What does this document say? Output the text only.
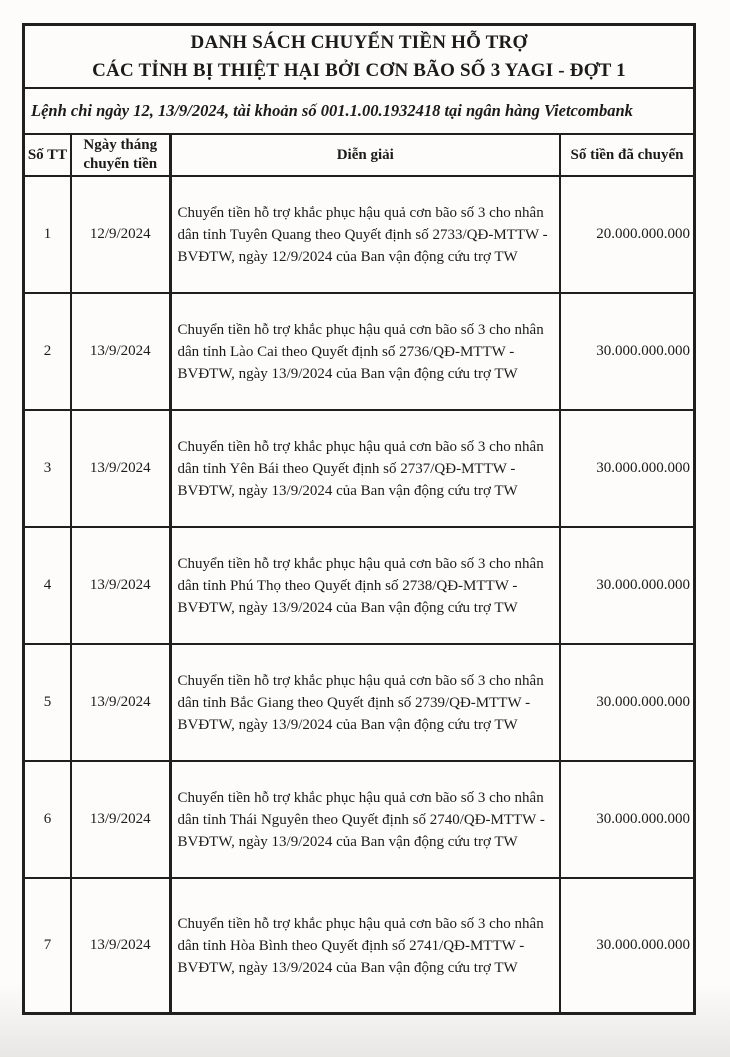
DANH SÁCH CHUYỂN TIỀN HỖ TRỢ
CÁC TỈNH BỊ THIỆT HẠI BỞI CƠN BÃO SỐ 3 YAGI - ĐỢT 1
Lệnh chi ngày 12, 13/9/2024, tài khoản số 001.1.00.1932418 tại ngân hàng Vietcombank
Số TT	Ngày tháng chuyển tiền	Diễn giải	Số tiền đã chuyển
1	12/9/2024	Chuyển tiền hỗ trợ khắc phục hậu quả cơn bão số 3 cho nhân dân tỉnh Tuyên Quang theo Quyết định số 2733/QĐ-MTTW - BVĐTW, ngày 12/9/2024 của Ban vận động cứu trợ TW	20.000.000.000
2	13/9/2024	Chuyển tiền hỗ trợ khắc phục hậu quả cơn bão số 3 cho nhân dân tỉnh Lào Cai theo Quyết định số 2736/QĐ-MTTW - BVĐTW, ngày 13/9/2024 của Ban vận động cứu trợ TW	30.000.000.000
3	13/9/2024	Chuyển tiền hỗ trợ khắc phục hậu quả cơn bão số 3 cho nhân dân tỉnh Yên Bái theo Quyết định số 2737/QĐ-MTTW - BVĐTW, ngày 13/9/2024 của Ban vận động cứu trợ TW	30.000.000.000
4	13/9/2024	Chuyển tiền hỗ trợ khắc phục hậu quả cơn bão số 3 cho nhân dân tỉnh Phú Thọ theo Quyết định số 2738/QĐ-MTTW - BVĐTW, ngày 13/9/2024 của Ban vận động cứu trợ TW	30.000.000.000
5	13/9/2024	Chuyển tiền hỗ trợ khắc phục hậu quả cơn bão số 3 cho nhân dân tỉnh Bắc Giang theo Quyết định số 2739/QĐ-MTTW - BVĐTW, ngày 13/9/2024 của Ban vận động cứu trợ TW	30.000.000.000
6	13/9/2024	Chuyển tiền hỗ trợ khắc phục hậu quả cơn bão số 3 cho nhân dân tỉnh Thái Nguyên theo Quyết định số 2740/QĐ-MTTW - BVĐTW, ngày 13/9/2024 của Ban vận động cứu trợ TW	30.000.000.000
7	13/9/2024	Chuyển tiền hỗ trợ khắc phục hậu quả cơn bão số 3 cho nhân dân tỉnh Hòa Bình theo Quyết định số 2741/QĐ-MTTW - BVĐTW, ngày 13/9/2024 của Ban vận động cứu trợ TW	30.000.000.000
